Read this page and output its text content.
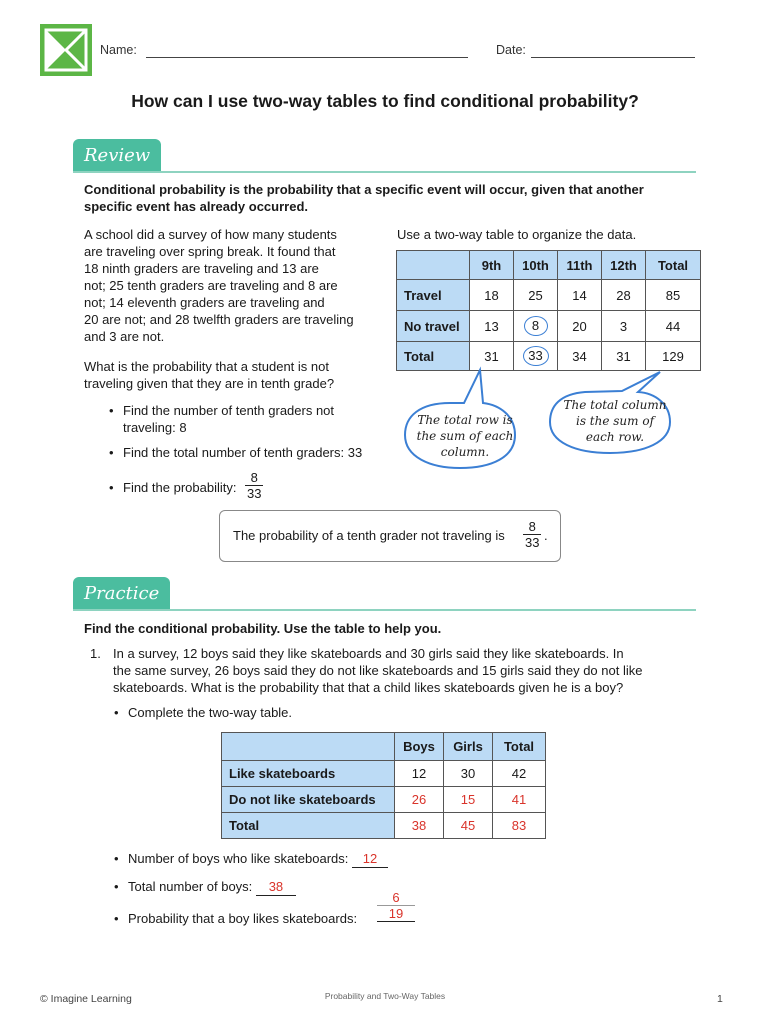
Name:	Date:
How can I use two-way tables to find conditional probability?
Review
Conditional probability is the probability that a specific event will occur, given that another specific event has already occurred.
A school did a survey of how many students
are traveling over spring break. It found that
18 ninth graders are traveling and 13 are
not; 25 tenth graders are traveling and 8 are
not; 14 eleventh graders are traveling and
20 are not; and 28 twelfth graders are traveling
and 3 are not.
What is the probability that a student is not
traveling given that they are in tenth grade?
• Find the number of tenth graders not
traveling: 8
• Find the total number of tenth graders: 33
• Find the probability: $\frac{8}{33}$
Use a two-way table to organize the data.
	9th	10th	11th	12th	Total
Travel	18	25	14	28	85
No travel	13	8	20	3	44
Total	31	33	34	31	129
The total row is
the sum of each
column.
The total column
is the sum of
each row.
The probability of a tenth grader not traveling is $\frac{8}{33}$ .
Practice
Find the conditional probability. Use the table to help you.
1. In a survey, 12 boys said they like skateboards and 30 girls said they like skateboards. In
the same survey, 26 boys said they do not like skateboards and 15 girls said they do not like
skateboards. What is the probability that that a child likes skateboards given he is a boy?
• Complete the two-way table.
	Boys	Girls	Total
Like skateboards	12	30	42
Do not like skateboards	26	15	41
Total	38	45	83
• Number of boys who like skateboards: 12
• Total number of boys: 38
• Probability that a boy likes skateboards: $\frac{6}{19}$
© Imagine Learning	Probability and Two-Way Tables	1
